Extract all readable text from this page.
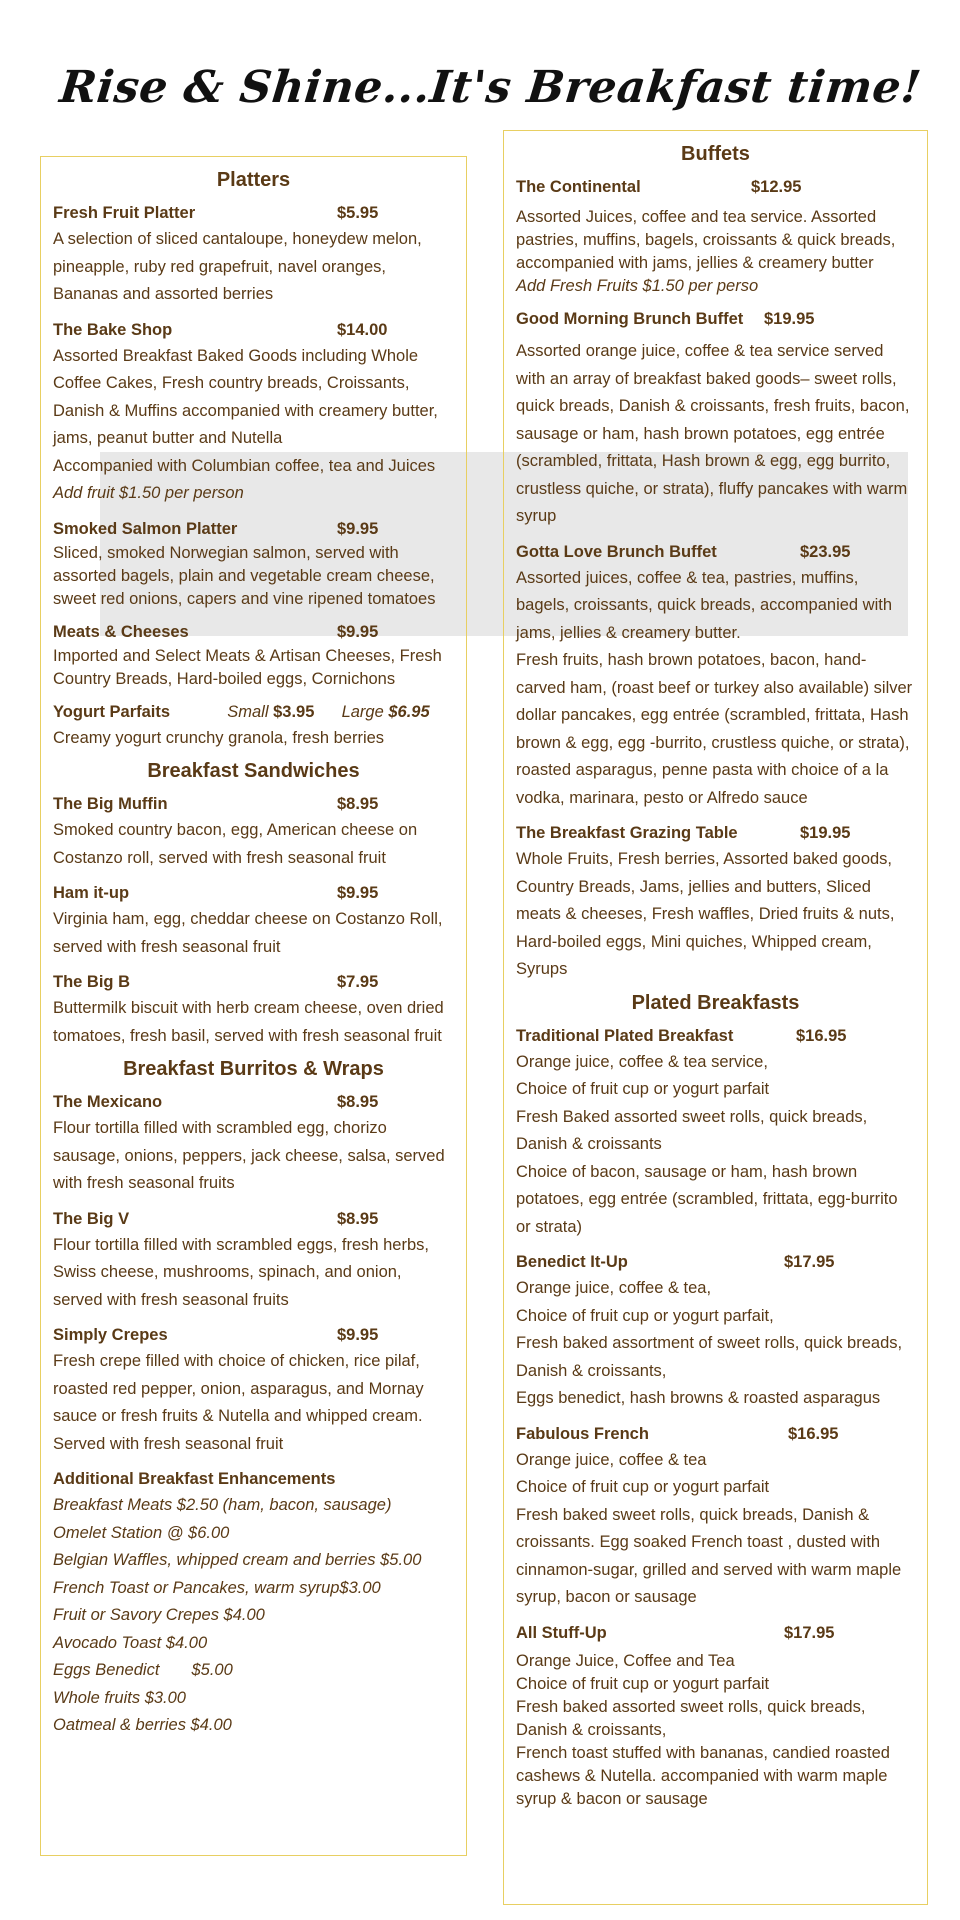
Rise & Shine...It's Breakfast time!
Platters
Fresh Fruit Platter	$5.95
A selection of sliced cantaloupe, honeydew melon, pineapple, ruby red grapefruit, navel oranges, Bananas and assorted berries
The Bake Shop	$14.00
Assorted Breakfast Baked Goods including Whole Coffee Cakes, Fresh country breads, Croissants, Danish & Muffins accompanied with creamery butter, jams, peanut butter and Nutella
Accompanied with Columbian coffee, tea and Juices
Add fruit $1.50 per person
Smoked Salmon Platter	$9.95
Sliced, smoked Norwegian salmon, served with assorted bagels, plain and vegetable cream cheese, sweet red onions, capers and vine ripened tomatoes
Meats & Cheeses	$9.95
Imported and Select Meats & Artisan Cheeses, Fresh Country Breads, Hard-boiled eggs, Cornichons
Yogurt Parfaits	Small $3.95 Large $6.95
Creamy yogurt crunchy granola, fresh berries
Breakfast Sandwiches
The Big Muffin	$8.95
Smoked country bacon, egg, American cheese on Costanzo roll, served with fresh seasonal fruit
Ham it-up	$9.95
Virginia ham, egg, cheddar cheese on Costanzo Roll, served with fresh seasonal fruit
The Big B	$7.95
Buttermilk biscuit with herb cream cheese, oven dried tomatoes, fresh basil, served with fresh seasonal fruit
Breakfast Burritos & Wraps
The Mexicano	$8.95
Flour tortilla filled with scrambled egg, chorizo sausage, onions, peppers, jack cheese, salsa, served with fresh seasonal fruits
The Big V	$8.95
Flour tortilla filled with scrambled eggs, fresh herbs, Swiss cheese, mushrooms, spinach, and onion, served with fresh seasonal fruits
Simply Crepes	$9.95
Fresh crepe filled with choice of chicken, rice pilaf, roasted red pepper, onion, asparagus, and Mornay sauce or fresh fruits & Nutella and whipped cream. Served with fresh seasonal fruit
Additional Breakfast Enhancements
Breakfast Meats $2.50 (ham, bacon, sausage)
Omelet Station @ $6.00
Belgian Waffles, whipped cream and berries $5.00
French Toast or Pancakes, warm syrup$3.00
Fruit or Savory Crepes $4.00
Avocado Toast $4.00
Eggs Benedict       $5.00
Whole fruits $3.00
Oatmeal & berries $4.00
Buffets
The Continental	$12.95
Assorted Juices, coffee and tea service. Assorted pastries, muffins, bagels, croissants & quick breads, accompanied with jams, jellies & creamery butter
Add Fresh Fruits $1.50 per perso
Good Morning Brunch Buffet	$19.95
Assorted orange juice, coffee & tea service served with an array of breakfast baked goods– sweet rolls, quick breads, Danish & croissants, fresh fruits, bacon, sausage or ham, hash brown potatoes, egg entrée (scrambled, frittata, Hash brown & egg, egg burrito, crustless quiche, or strata), fluffy pancakes with warm syrup
Gotta Love Brunch Buffet	$23.95
Assorted juices, coffee & tea, pastries, muffins, bagels, croissants, quick breads, accompanied with jams, jellies & creamery butter.
Fresh fruits, hash brown potatoes, bacon, hand-carved ham, (roast beef or turkey also available) silver dollar pancakes, egg entrée (scrambled, frittata, Hash brown & egg, egg -burrito, crustless quiche, or strata), roasted asparagus, penne pasta with choice of a la vodka, marinara, pesto or Alfredo sauce
The Breakfast Grazing Table	$19.95
Whole Fruits, Fresh berries, Assorted baked goods, Country Breads, Jams, jellies and butters, Sliced meats & cheeses, Fresh waffles, Dried fruits & nuts, Hard-boiled eggs, Mini quiches, Whipped cream, Syrups
Plated Breakfasts
Traditional Plated Breakfast	$16.95
Orange juice, coffee & tea service,
Choice of fruit cup or yogurt parfait
Fresh Baked assorted sweet rolls, quick breads, Danish & croissants
Choice of bacon, sausage or ham, hash brown potatoes, egg entrée (scrambled, frittata, egg-burrito or strata)
Benedict It-Up	$17.95
Orange juice, coffee & tea,
Choice of fruit cup or yogurt parfait,
Fresh baked assortment of sweet rolls, quick breads, Danish & croissants,
Eggs benedict, hash browns & roasted asparagus
Fabulous French	$16.95
Orange juice, coffee & tea
Choice of fruit cup or yogurt parfait
Fresh baked sweet rolls, quick breads, Danish & croissants. Egg soaked French toast , dusted with cinnamon-sugar, grilled and served with warm maple syrup, bacon or sausage
All Stuff-Up	$17.95
Orange Juice, Coffee and Tea
Choice of fruit cup or yogurt parfait
Fresh baked assorted sweet rolls, quick breads, Danish & croissants,
French toast stuffed with bananas, candied roasted cashews & Nutella. accompanied with warm maple syrup & bacon or sausage
